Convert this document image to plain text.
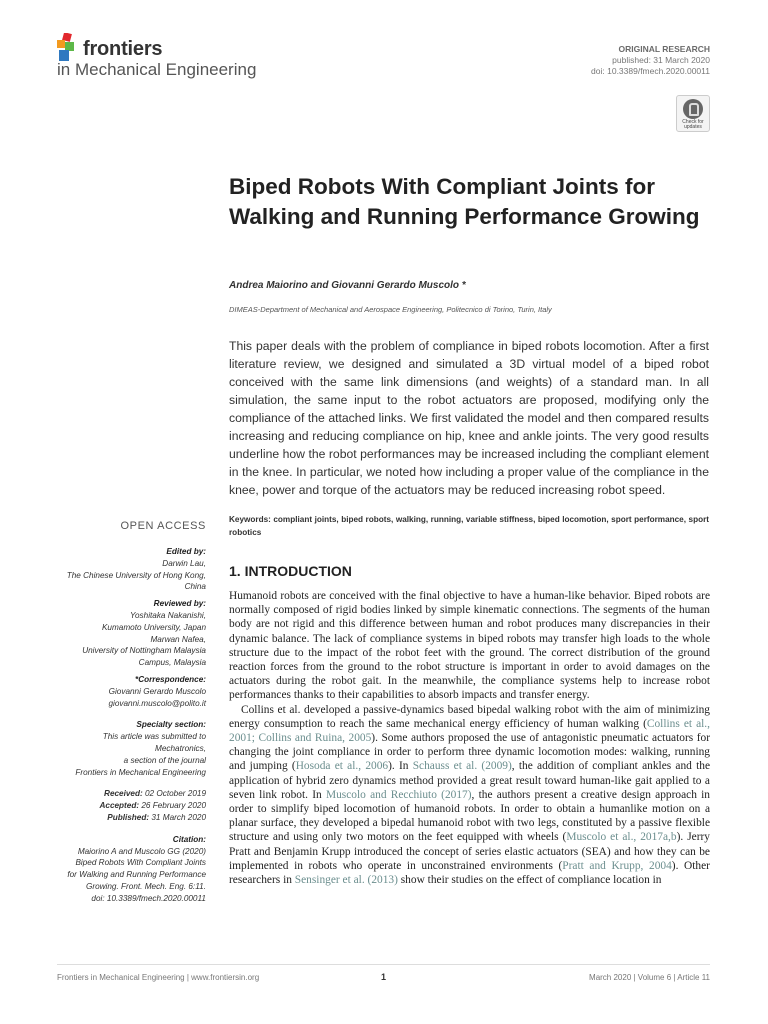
frontiers
in Mechanical Engineering
ORIGINAL RESEARCH
published: 31 March 2020
doi: 10.3389/fmech.2020.00011
Check for updates
Biped Robots With Compliant Joints for Walking and Running Performance Growing
Andrea Maiorino and Giovanni Gerardo Muscolo *
DIMEAS-Department of Mechanical and Aerospace Engineering, Politecnico di Torino, Turin, Italy
This paper deals with the problem of compliance in biped robots locomotion. After a first literature review, we designed and simulated a 3D virtual model of a biped robot conceived with the same link dimensions (and weights) of a standard man. In all simulation, the same input to the robot actuators are proposed, modifying only the compliance of the attached links. We first validated the model and then compared results increasing and reducing compliance on hip, knee and ankle joints. The very good results underline how the robot performances may be increased including the compliant element in the knee. In particular, we noted how including a proper value of the compliance in the knee, power and torque of the actuators may be reduced increasing robot speed.
Keywords: compliant joints, biped robots, walking, running, variable stiffness, biped locomotion, sport performance, sport robotics
OPEN ACCESS
Edited by:
Darwin Lau,
The Chinese University of Hong Kong,
China
Reviewed by:
Yoshitaka Nakanishi,
Kumamoto University, Japan
Marwan Nafea,
University of Nottingham Malaysia
Campus, Malaysia
*Correspondence:
Giovanni Gerardo Muscolo
giovanni.muscolo@polito.it
Specialty section:
This article was submitted to
Mechatronics,
a section of the journal
Frontiers in Mechanical Engineering
Received: 02 October 2019
Accepted: 26 February 2020
Published: 31 March 2020
Citation:
Maiorino A and Muscolo GG (2020)
Biped Robots With Compliant Joints
for Walking and Running Performance
Growing. Front. Mech. Eng. 6:11.
doi: 10.3389/fmech.2020.00011
1. INTRODUCTION

Humanoid robots are conceived with the final objective to have a human-like behavior. Biped robots are normally composed of rigid bodies linked by simple kinematic connections. The segments of the human body are not rigid and this difference between human and robot produces many discrepancies in their dynamic balance. The lack of compliance systems in biped robots may transfer high loads to the whole structure due to the impact of the robot feet with the ground. The correct distribution of the ground reaction forces from the ground to the robot structure is important in order to avoid damages on the actuators during the robot gait. In the meanwhile, the compliance systems help to increase robot performances thanks to their capabilities to absorb impacts and transfer energy.

Collins et al. developed a passive-dynamics based bipedal walking robot with the aim of minimizing energy consumption to reach the same mechanical energy efficiency of human walking (Collins et al., 2001; Collins and Ruina, 2005). Some authors proposed the use of antagonistic pneumatic actuators for changing the joint compliance in order to perform three dynamic locomotion modes: walking, running and jumping (Hosoda et al., 2006). In Schauss et al. (2009), the addition of compliant ankles and the application of hybrid zero dynamics method provided a great result toward human-like gait applied to a seven link robot. In Muscolo and Recchiuto (2017), the authors present a creative design approach in order to simplify biped locomotion of humanoid robots. In order to obtain a humanlike motion on a planar surface, they developed a bipedal humanoid robot with two legs, constituted by a passive flexible structure and using only two motors on the feet equipped with wheels (Muscolo et al., 2017a,b). Jerry Pratt and Benjamin Krupp introduced the concept of series elastic actuators (SEA) and how they can be implemented in robots who operate in unconstrained environments (Pratt and Krupp, 2004). Other researchers in Sensinger et al. (2013) show their studies on the effect of compliance location in

Frontiers in Mechanical Engineering | www.frontiersin.org	1	March 2020 | Volume 6 | Article 11
